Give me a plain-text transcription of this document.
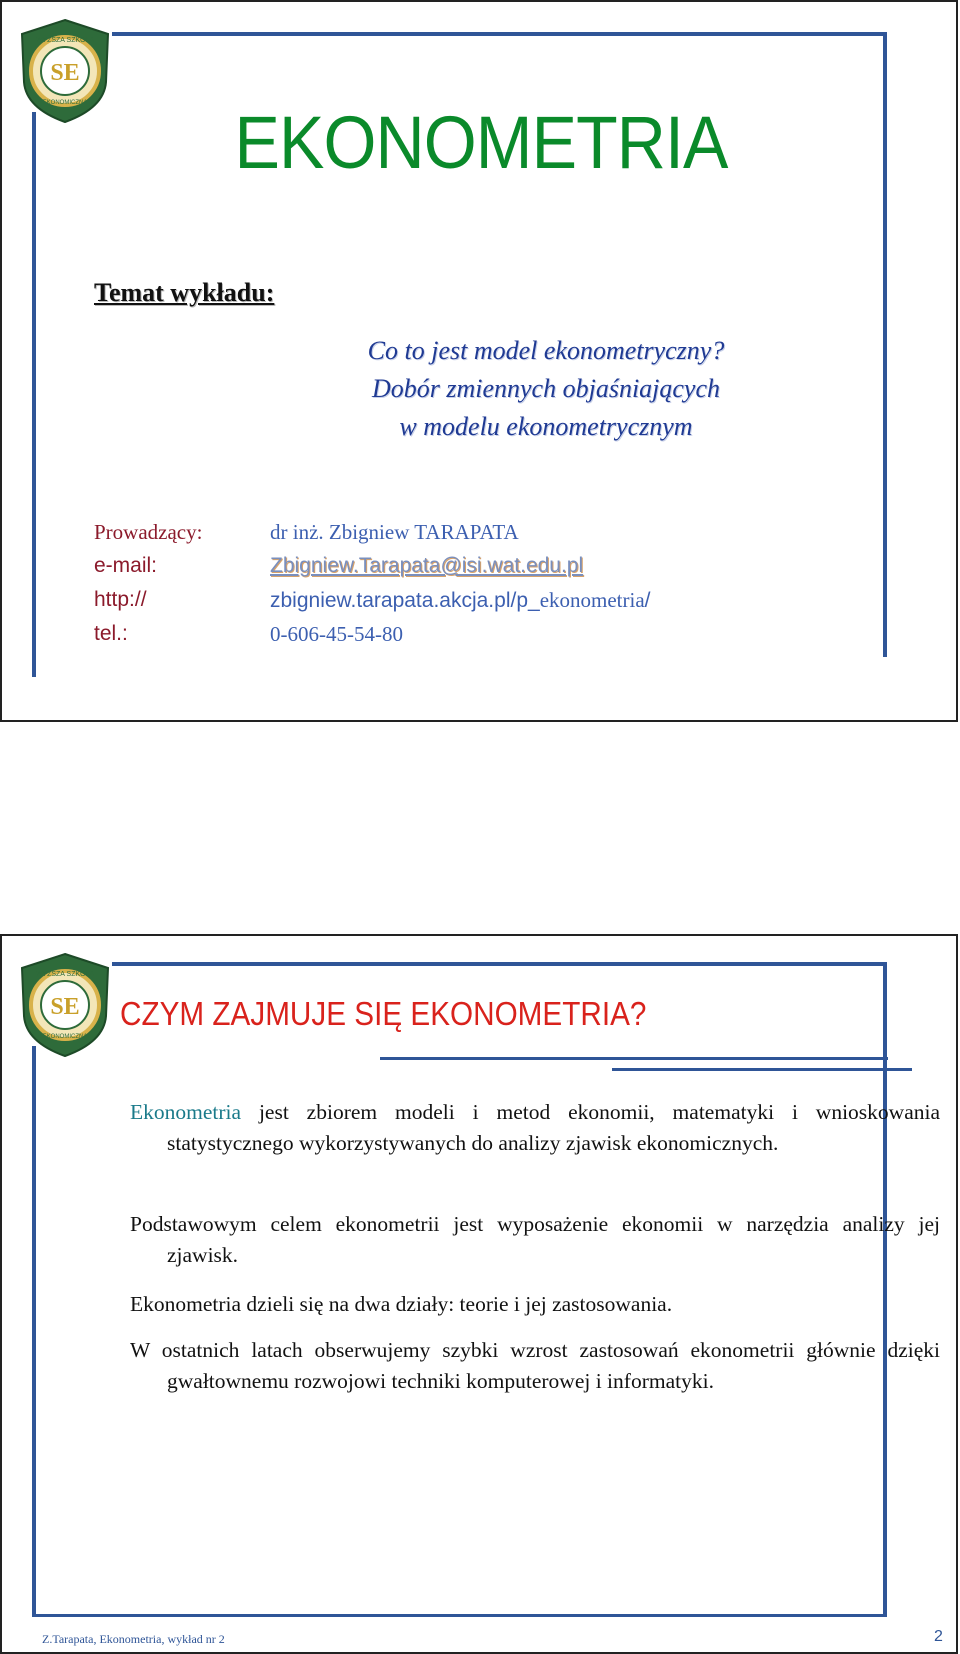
SE
WYŻSZA SZKOŁA
EKONOMICZNA	EKONOMETRIA
Temat wykładu:
Co to jest model ekonometryczny?
Dobór zmiennych objaśniających
w modelu ekonometrycznym
Prowadzący:	dr inż. Zbigniew TARAPATA
e-mail:	Zbigniew.Tarapata@isi.wat.edu.pl
http://	zbigniew.tarapata.akcja.pl/p_ekonometria/
tel.:	0-606-45-54-80
SE
WYŻSZA SZKOŁA
EKONOMICZNA
CZYM ZAJMUJE SIĘ EKONOMETRIA?
Ekonometria jest zbiorem modeli i metod ekonomii, matematyki i wnioskowania statystycznego wykorzystywanych do analizy zjawisk ekonomicznych.
Podstawowym celem ekonometrii jest wyposażenie ekonomii w narzędzia analizy jej zjawisk.
Ekonometria dzieli się na dwa działy: teorie i jej zastosowania.
W ostatnich latach obserwujemy szybki wzrost zastosowań ekonometrii głównie dzięki gwałtownemu rozwojowi techniki komputerowej i informatyki.
Z.Tarapata, Ekonometria, wykład nr 2	2
